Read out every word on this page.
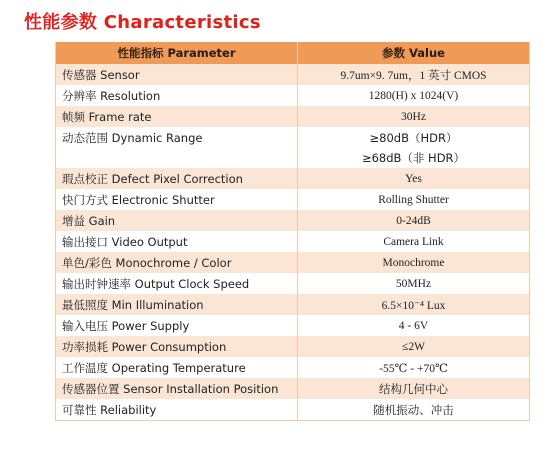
性能参数 Characteristics
性能指标 Parameter	参数 Value
传感器 Sensor	9.7um×9. 7um，1 英寸 CMOS
分辨率 Resolution	1280(H) x 1024(V)
帧频 Frame rate	30Hz
动态范围 Dynamic Range	≥80dB（HDR）
	≥68dB（非 HDR）
瑕点校正 Defect Pixel Correction	Yes
快门方式 Electronic Shutter	Rolling Shutter
增益 Gain	0-24dB
输出接口 Video Output	Camera Link
单色/彩色 Monochrome / Color	Monochrome
输出时钟速率 Output Clock Speed	50MHz
最低照度 Min Illumination	6.5×10⁻⁴ Lux
输入电压 Power Supply	4 - 6V
功率损耗 Power Consumption	≤2W
工作温度 Operating Temperature	-55℃ - +70℃
传感器位置 Sensor Installation Position	结构几何中心
可靠性 Reliability	随机振动、冲击
